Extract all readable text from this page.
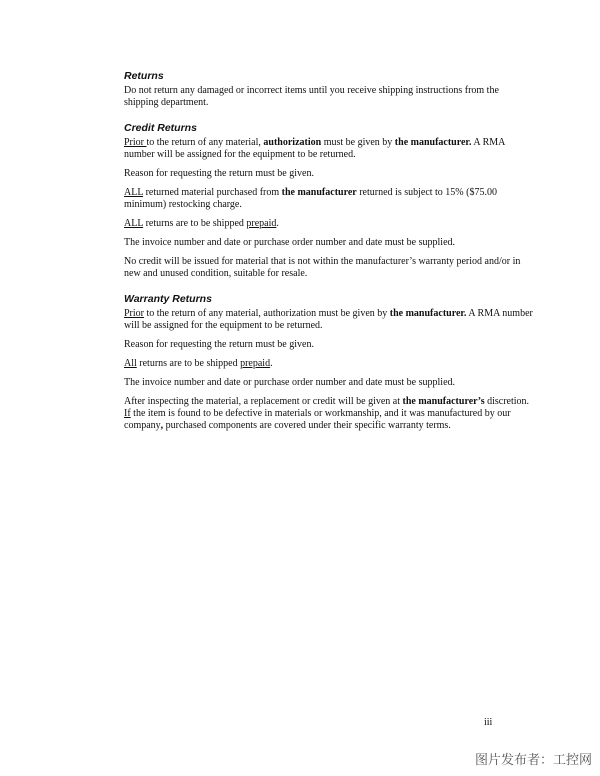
Returns

Do not return any damaged or incorrect items until you receive shipping instructions from the shipping department.

Credit Returns

Prior to the return of any material, authorization must be given by the manufacturer. A RMA number will be assigned for the equipment to be returned.

Reason for requesting the return must be given.

ALL returned material purchased from the manufacturer returned is subject to 15% ($75.00 minimum) restocking charge.

ALL returns are to be shipped prepaid.

The invoice number and date or purchase order number and date must be supplied.

No credit will be issued for material that is not within the manufacturer’s warranty period and/or in new and unused condition, suitable for resale.

Warranty Returns

Prior to the return of any material, authorization must be given by the manufacturer. A RMA number will be assigned for the equipment to be returned.

Reason for requesting the return must be given.

All returns are to be shipped prepaid.

The invoice number and date or purchase order number and date must be supplied.

After inspecting the material, a replacement or credit will be given at the manufacturer’s discretion. If the item is found to be defective in materials or workmanship, and it was manufactured by our company, purchased components are covered under their specific warranty terms.

iii
图片发布者：工控网
